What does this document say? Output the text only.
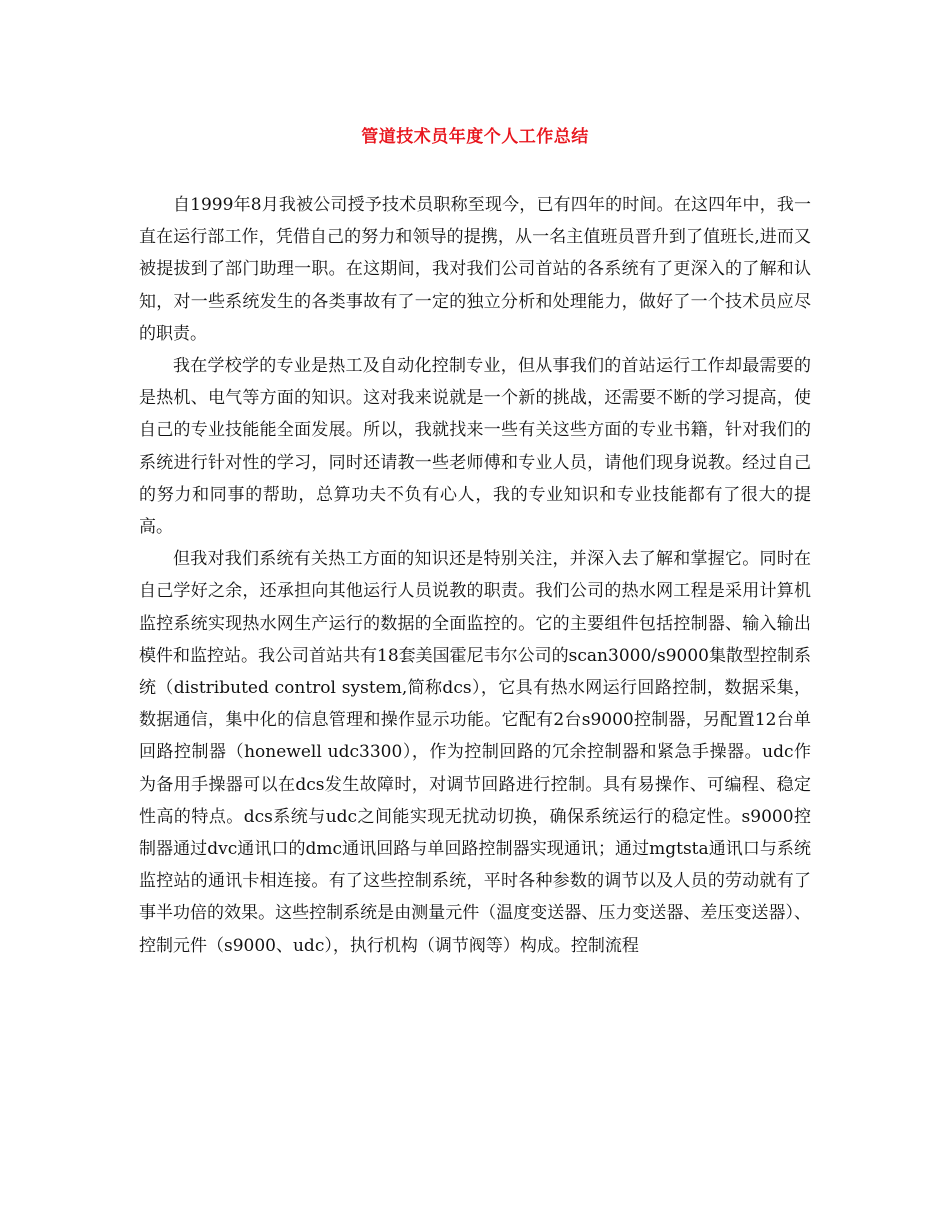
管道技术员年度个人工作总结

自1999年8月我被公司授予技术员职称至现今，已有四年的时间。在这四年中，我一直在运行部工作，凭借自己的努力和领导的提携，从一名主值班员晋升到了值班长,进而又被提拔到了部门助理一职。在这期间，我对我们公司首站的各系统有了更深入的了解和认知，对一些系统发生的各类事故有了一定的独立分析和处理能力，做好了一个技术员应尽的职责。

我在学校学的专业是热工及自动化控制专业，但从事我们的首站运行工作却最需要的是热机、电气等方面的知识。这对我来说就是一个新的挑战，还需要不断的学习提高，使自己的专业技能能全面发展。所以，我就找来一些有关这些方面的专业书籍，针对我们的系统进行针对性的学习，同时还请教一些老师傅和专业人员，请他们现身说教。经过自己的努力和同事的帮助，总算功夫不负有心人，我的专业知识和专业技能都有了很大的提高。

但我对我们系统有关热工方面的知识还是特别关注，并深入去了解和掌握它。同时在自己学好之余，还承担向其他运行人员说教的职责。我们公司的热水网工程是采用计算机监控系统实现热水网生产运行的数据的全面监控的。它的主要组件包括控制器、输入输出模件和监控站。我公司首站共有18套美国霍尼韦尔公司的scan3000/s9000集散型控制系统（distributed control system,简称dcs），它具有热水网运行回路控制，数据采集，数据通信，集中化的信息管理和操作显示功能。它配有2台s9000控制器，另配置12台单回路控制器（honewell udc3300），作为控制回路的冗余控制器和紧急手操器。udc作为备用手操器可以在dcs发生故障时，对调节回路进行控制。具有易操作、可编程、稳定性高的特点。dcs系统与udc之间能实现无扰动切换，确保系统运行的稳定性。s9000控制器通过dvc通讯口的dmc通讯回路与单回路控制器实现通讯；通过mgtsta通讯口与系统监控站的通讯卡相连接。有了这些控制系统，平时各种参数的调节以及人员的劳动就有了事半功倍的效果。这些控制系统是由测量元件（温度变送器、压力变送器、差压变送器）、控制元件（s9000、udc），执行机构（调节阀等）构成。控制流程
